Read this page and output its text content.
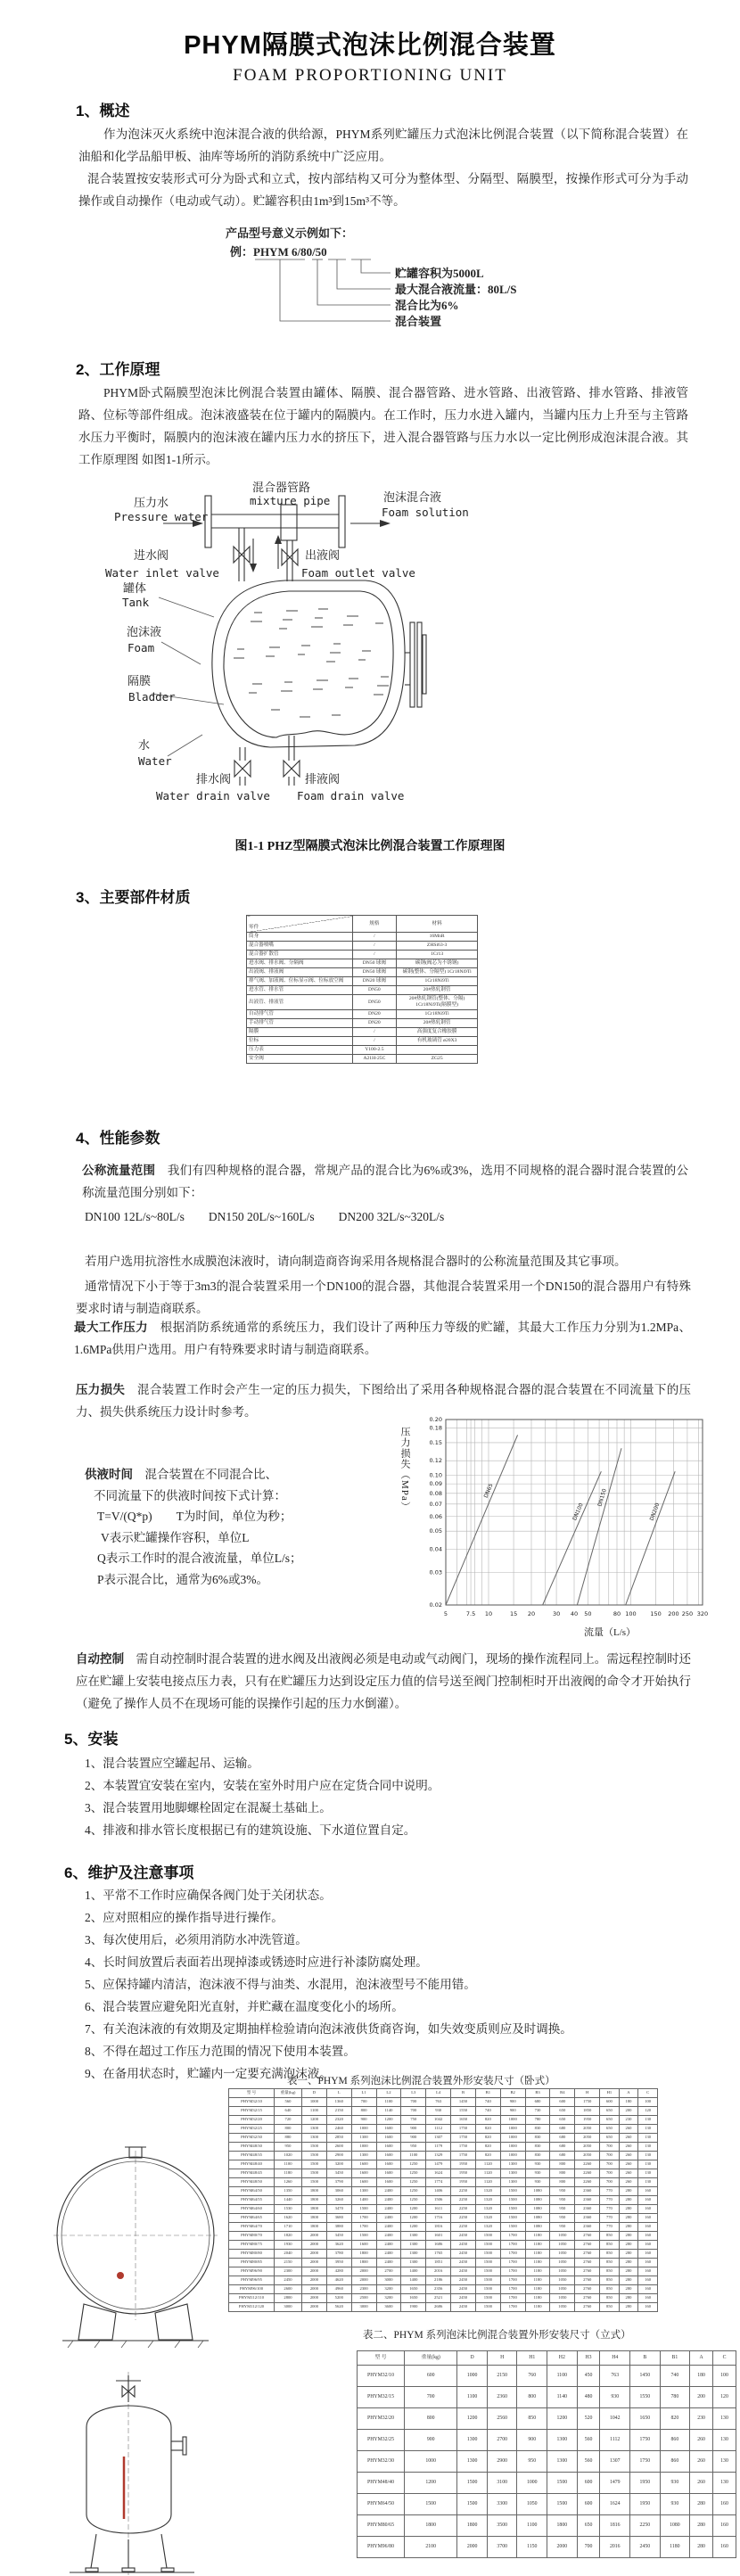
PHYM隔膜式泡沫比例混合装置
FOAM PROPORTIONING UNIT
1、概述
作为泡沫灭火系统中泡沫混合液的供给源，PHYM系列贮罐压力式泡沫比例混合装置（以下简称混合装置）在油船和化学品船甲板、油库等场所的消防系统中广泛应用。
混合装置按安装形式可分为卧式和立式，按内部结构又可分为整体型、分隔型、隔膜型，按操作形式可分为手动操作或自动操作（电动或气动）。贮罐容积由1m³到15m³不等。
产品型号意义示例如下：
例：PHYM 6/80/50
贮罐容积为5000L
最大混合液流量：80L/S
混合比为6%
混合装置
2、工作原理
PHYM卧式隔膜型泡沫比例混合装置由罐体、隔膜、混合器管路、进水管路、出液管路、排水管路、排液管路、位标等部件组成。泡沫液盛装在位于罐内的隔膜内。在工作时，压力水进入罐内，当罐内压力上升至与主管路水压力平衡时，隔膜内的泡沫液在罐内压力水的挤压下，进入混合器管路与压力水以一定比例形成泡沫混合液。其工作原理图 如图1-1所示。
压力水
Pressure water
混合器管路
mixture pipe	泡沫混合液
Foam solution
进水阀
Water inlet valve
出液阀
Foam outlet valve
罐体
Tank
泡沫液
Foam
隔膜
Bladder
水
Water
排水阀
Water drain valve
排液阀
Foam drain valve
图1-1 PHZ型隔膜式泡沫比例混合装置工作原理图
3、主要部件材质
零件	规格	材料
筒身	/	16MnR
混合器喷嘴	/	ZHSi63-3
混合器扩散管	/	1Cr13
进水阀、排水阀、分隔阀	DN50 球阀	碳钢(阀芯为不锈钢)
出液阀、排液阀	DN50 球阀	碳钢(整体、分隔型) 1Cr18Ni9Ti
排气阀、加液阀、位标显示阀、位标放空阀	DN20 球阀	1Cr18Ni9Ti
进水管、排水管	DN50	20#热轧钢管
出液管、排液管	DN50	20#热轧钢管(整体、分隔) 1Cr18Ni9Ti(隔膜型)
自动排气管	DN20	1Cr18Ni9Ti
手动排气管	DN20	20#热轧钢管
隔膜	/	高强度复合橡胶膜
位标	/	有机玻璃管 ø20X3
压力表	Y100-2.5	
安全阀	A21H-25C	ZG25
4、性能参数
公称流量范围　我们有四种规格的混合器，常规产品的混合比为6%或3%，选用不同规格的混合器时混合装置的公称流量范围分别如下：
DN100 12L/s~80L/s　　DN150 20L/s~160L/s　　DN200 32L/s~320L/s
若用户选用抗溶性水成膜泡沫液时，请向制造商咨询采用各规格混合器时的公称流量范围及其它事项。
通常情况下小于等于3m3的混合装置采用一个DN100的混合器，其他混合装置采用一个DN150的混合器用户有特殊要求时请与制造商联系。
最大工作压力　根据消防系统通常的系统压力，我们设计了两种压力等级的贮罐，其最大工作压力分别为1.2MPa、1.6MPa供用户选用。用户有特殊要求时请与制造商联系。
压力损失　混合装置工作时会产生一定的压力损失，下图给出了采用各种规格混合器的混合装置在不同流量下的压力、损失供系统压力设计时参考。
供液时间　混合装置在不同混合比、
不同流量下的供液时间按下式计算：
T=V/(Q*p)　　T为时间，单位为秒；
V表示贮罐操作容积，单位L
Q表示工作时的混合液流量，单位L/s；
P表示混合比，通常为6%或3%。
压力损失（MPa）
5	7.5 10	15 20	30 40 50	80 100 150 200 250 320
0.02
0.03
0.04
0.05
0.06
0.07
0.08
0.09
0.10
0.12
0.15
0.18
0.20
DN65
DN100
DN150
DN200
流量（L/s）
自动控制　需自动控制时混合装置的进水阀及出液阀必须是电动或气动阀门，现场的操作流程同上。需远程控制时还应在贮罐上安装电接点压力表，只有在贮罐压力达到设定压力值的信号送至阀门控制柜时开出液阀的命令才开始执行（避免了操作人员不在现场可能的误操作引起的压力水倒灌）。
5、安装
1、混合装置应空罐起吊、运输。
2、本装置宜安装在室内，安装在室外时用户应在定货合同中说明。
3、混合装置用地脚螺栓固定在混凝土基础上。
4、排液和排水管长度根据已有的建筑设施、下水道位置自定。
6、维护及注意事项
1、平常不工作时应确保各阀门处于关闭状态。
2、应对照相应的操作指导进行操作。
3、每次使用后，必须用消防水冲洗管道。
4、长时间放置后表面若出现掉漆或锈迹时应进行补漆防腐处理。
5、应保持罐内清洁，泡沫液不得与油类、水混用，泡沫液型号不能用错。
6、混合装置应避免阳光直射，并贮藏在温度变化小的场所。
7、有关泡沫液的有效期及定期抽样检验请向泡沫液供货商咨询，如失效变质则应及时调换。
8、不得在超过工作压力范围的情况下使用本装置。
9、在备用状态时，贮罐内一定要充满泡沫液。
表一、PHYM 系列泡沫比例混合装置外形安装尺寸（卧式）
型 号	重量(kg)	D	L	L1	L2	L3	L4	B	B1	B2	B3	B4	H	H1	A	C
PHYM32/10	560	1000	1360	700	1100	700	763	1450	740	900	680	600	1750	600	180	100
PHYM32/15	640	1100	2150	800	1140	700	930	1550	740	900	730	650	1850	650	200	120
PHYM32/20	720	1200	2320	900	1200	750	1042	1650	820	1000	780	650	1950	650	230	130
PHYM32/25	800	1300	2460	1000	1600	900	1112	1750	820	1000	830	680	2050	650	260	130
PHYM32/30	880	1300	2850	1300	1600	900	1307	1750	820	1000	830	680	2050	650	260	130
PHYM48/30	950	1500	2600	1000	1600	950	1179	1750	820	1000	830	680	2050	700	260	130
PHYM48/35	1020	1500	2900	1300	1600	1100	1329	1750	820	1000	830	680	2050	700	260	130
PHYM48/40	1100	1500	3200	1600	1600	1250	1479	1950	1120	1300	930	800	2260	700	260	130
PHYM48/45	1180	1500	3450	1600	1600	1250	1624	1950	1120	1300	930	800	2260	700	260	130
PHYM48/50	1260	1500	3790	1600	1600	1250	1774	1950	1120	1300	930	800	2260	700	260	130
PHYM64/50	1350	1800	3060	1300	2400	1250	1406	2250	1320	1500	1080	950	2360	770	280	160
PHYM64/55	1440	1800	3260	1400	2400	1250	1506	2250	1320	1500	1080	950	2360	770	280	160
PHYM64/60	1530	1800	3470	1500	2400	1200	1611	2250	1320	1500	1080	950	2360	770	280	160
PHYM64/65	1620	1800	3680	1700	2400	1200	1716	2250	1320	1500	1080	950	2360	770	280	160
PHYM64/70	1710	1800	3880	1700	2400	1200	1816	2250	1320	1500	1080	950	2360	770	280	160
PHYM80/70	1820	2000	3450	1500	2400	1300	1601	2450	1500	1700	1180	1050	2760	850	280	160
PHYM80/75	1930	2000	3620	1600	2400	1300	1686	2450	1500	1700	1180	1050	2760	850	280	160
PHYM80/80	2040	2000	3780	1800	2400	1300	1765	2450	1500	1700	1180	1050	2760	850	280	160
PHYM80/85	2150	2000	3950	1800	2400	1300	1851	2450	1500	1700	1180	1050	2760	850	280	160
PHYM96/90	2300	2000	4280	2000	2700	1400	2016	2450	1500	1700	1180	1050	2760	850	280	160
PHYM96/95	2450	2000	4620	2000	3000	1400	2186	2450	1500	1700	1180	1050	2760	850	280	160
PHYM96/100	2600	2000	4960	2300	3200	1650	2356	2450	1500	1700	1180	1050	2760	850	280	160
PHYM112/110	2800	2000	5200	2500	3200	1650	2521	2450	1500	1700	1180	1050	2760	850	280	160
PHYM112/120	3000	2000	5620	3000	3600	1900	2686	2450	1500	1700	1180	1050	2760	850	280	160
表二、PHYM 系列泡沫比例混合装置外形安装尺寸（立式）
型 号	重量(kg)	D	H	H1	H2	H3	H4	B	B1	A	C
PHYM32/10	600	1000	2150	760	1100	450	763	1450	740	180	100
PHYM32/15	700	1100	2360	800	1140	480	930	1550	780	200	120
PHYM32/20	800	1200	2560	850	1200	520	1042	1650	820	230	130
PHYM32/25	900	1300	2700	900	1300	560	1112	1750	860	260	130
PHYM32/30	1000	1300	2900	950	1300	560	1307	1750	860	260	130
PHYM48/40	1200	1500	3100	1000	1500	600	1479	1950	930	260	130
PHYM64/50	1500	1500	3300	1050	1500	600	1624	1950	930	280	160
PHYM80/65	1800	1800	3500	1100	1800	650	1816	2250	1080	280	160
PHYM96/80	2100	2000	3700	1150	2000	700	2016	2450	1180	280	160
